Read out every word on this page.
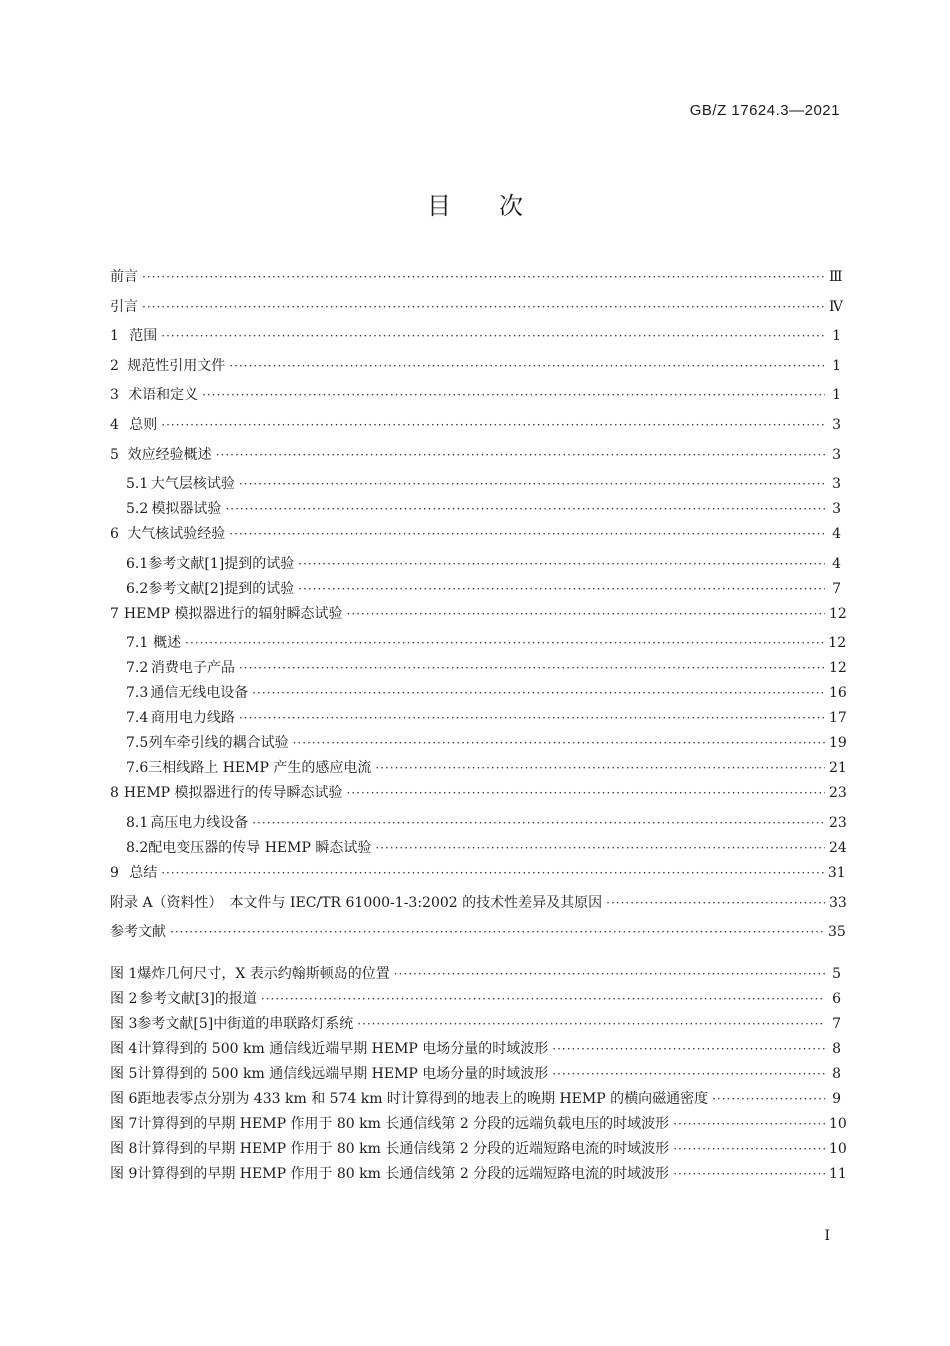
GB/Z 17624.3—2021
目　　次
前言 ·····	Ⅲ
引言 ·····	Ⅳ
1 范围 ·····	1
2 规范性引用文件 ·····	1
3 术语和定义 ·····	1
4 总则 ·····	3
5 效应经验概述 ·····	3
5.1 大气层核试验 ·····	3
5.2 模拟器试验 ·····	3
6 大气核试验经验 ·····	4
6.1 参考文献[1]提到的试验 ·····	4
6.2 参考文献[2]提到的试验 ·····	7
7 HEMP 模拟器进行的辐射瞬态试验 ·····	12
7.1 概述 ·····	12
7.2 消费电子产品 ·····	12
7.3 通信无线电设备 ·····	16
7.4 商用电力线路 ·····	17
7.5 列车牵引线的耦合试验 ·····	19
7.6 三相线路上 HEMP 产生的感应电流 ·····	21
8 HEMP 模拟器进行的传导瞬态试验 ·····	23
8.1 高压电力线设备 ·····	23
8.2 配电变压器的传导 HEMP 瞬态试验 ·····	24
9 总结 ·····	31
附录 A（资料性）　本文件与 IEC/TR 61000-1-3:2002 的技术性差异及其原因 ·····	33
参考文献 ·····	35
图 1 爆炸几何尺寸，X 表示约翰斯顿岛的位置 ·····	5
图 2 参考文献[3]的报道 ·····	6
图 3 参考文献[5]中街道的串联路灯系统 ·····	7
图 4 计算得到的 500 km 通信线近端早期 HEMP 电场分量的时域波形 ·····	8
图 5 计算得到的 500 km 通信线远端早期 HEMP 电场分量的时域波形 ·····	8
图 6 距地表零点分别为 433 km 和 574 km 时计算得到的地表上的晚期 HEMP 的横向磁通密度 ·····	9
图 7 计算得到的早期 HEMP 作用于 80 km 长通信线第 2 分段的远端负载电压的时域波形 ·····	10
图 8 计算得到的早期 HEMP 作用于 80 km 长通信线第 2 分段的近端短路电流的时域波形 ·····	10
图 9 计算得到的早期 HEMP 作用于 80 km 长通信线第 2 分段的远端短路电流的时域波形 ·····	11
I
